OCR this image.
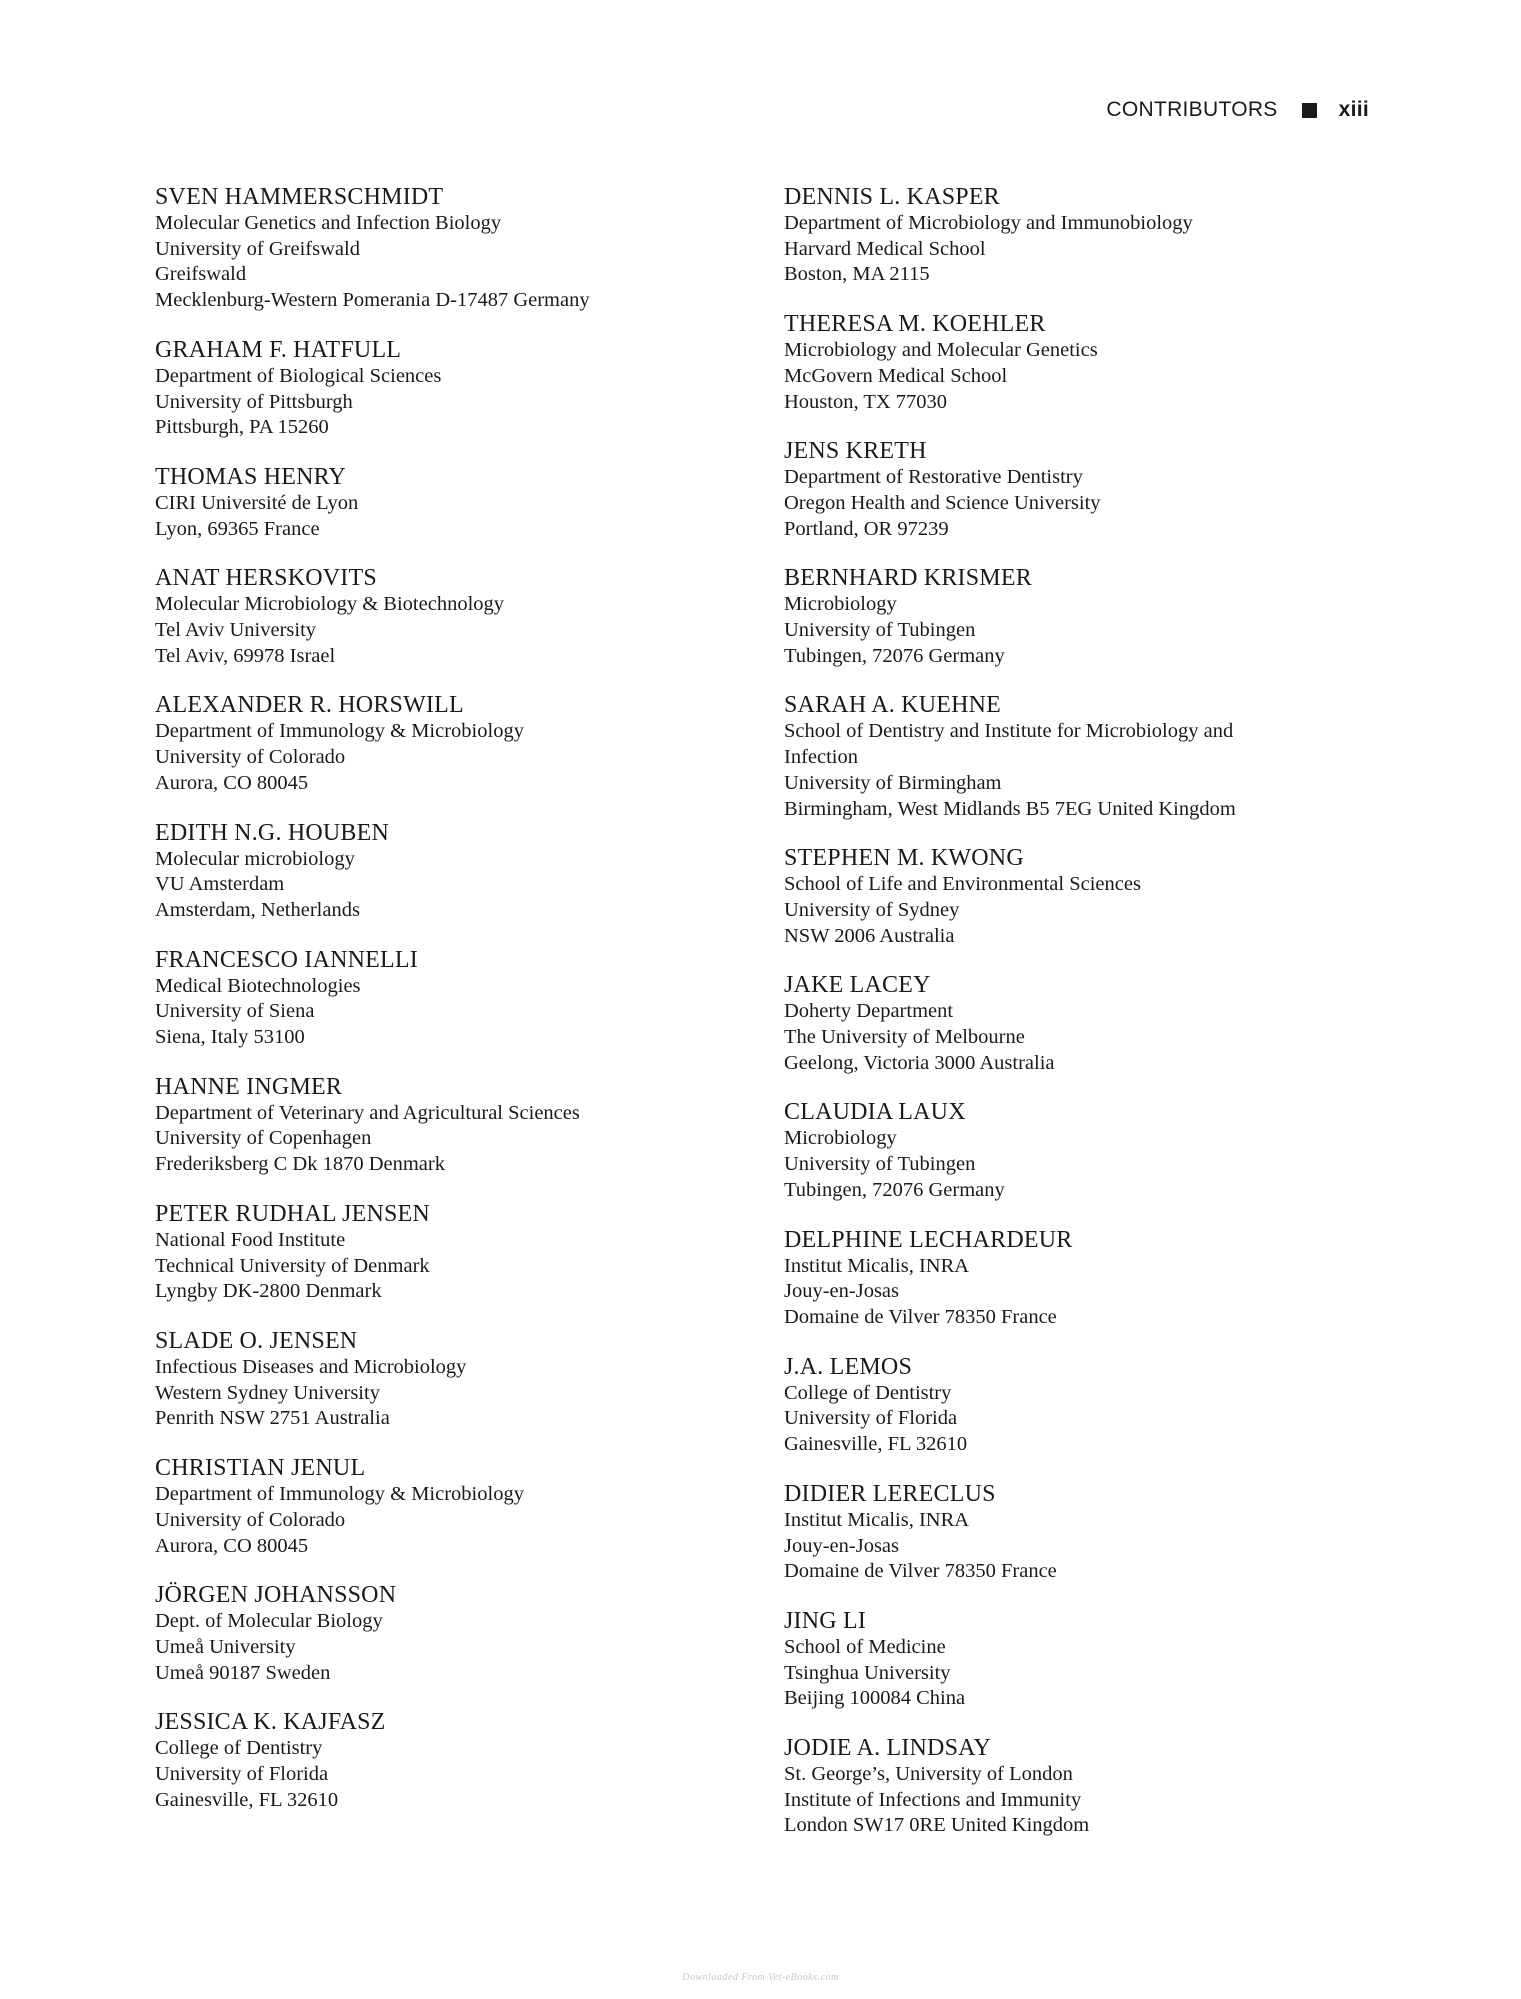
CONTRIBUTORS	xiii
SVEN HAMMERSCHMIDT
Molecular Genetics and Infection Biology
University of Greifswald
Greifswald
Mecklenburg-Western Pomerania D-17487 Germany
GRAHAM F. HATFULL
Department of Biological Sciences
University of Pittsburgh
Pittsburgh, PA 15260
THOMAS HENRY
CIRI Université de Lyon
Lyon, 69365 France
ANAT HERSKOVITS
Molecular Microbiology & Biotechnology
Tel Aviv University
Tel Aviv, 69978 Israel
ALEXANDER R. HORSWILL
Department of Immunology & Microbiology
University of Colorado
Aurora, CO 80045
EDITH N.G. HOUBEN
Molecular microbiology
VU Amsterdam
Amsterdam, Netherlands
FRANCESCO IANNELLI
Medical Biotechnologies
University of Siena
Siena, Italy 53100
HANNE INGMER
Department of Veterinary and Agricultural Sciences
University of Copenhagen
Frederiksberg C Dk 1870 Denmark
PETER RUDHAL JENSEN
National Food Institute
Technical University of Denmark
Lyngby DK-2800 Denmark
SLADE O. JENSEN
Infectious Diseases and Microbiology
Western Sydney University
Penrith NSW 2751 Australia
CHRISTIAN JENUL
Department of Immunology & Microbiology
University of Colorado
Aurora, CO 80045
JÖRGEN JOHANSSON
Dept. of Molecular Biology
Umeå University
Umeå 90187 Sweden
JESSICA K. KAJFASZ
College of Dentistry
University of Florida
Gainesville, FL 32610
DENNIS L. KASPER
Department of Microbiology and Immunobiology
Harvard Medical School
Boston, MA 2115
THERESA M. KOEHLER
Microbiology and Molecular Genetics
McGovern Medical School
Houston, TX 77030
JENS KRETH
Department of Restorative Dentistry
Oregon Health and Science University
Portland, OR 97239
BERNHARD KRISMER
Microbiology
University of Tubingen
Tubingen, 72076 Germany
SARAH A. KUEHNE
School of Dentistry and Institute for Microbiology and
Infection
University of Birmingham
Birmingham, West Midlands B5 7EG United Kingdom
STEPHEN M. KWONG
School of Life and Environmental Sciences
University of Sydney
NSW 2006 Australia
JAKE LACEY
Doherty Department
The University of Melbourne
Geelong, Victoria 3000 Australia
CLAUDIA LAUX
Microbiology
University of Tubingen
Tubingen, 72076 Germany
DELPHINE LECHARDEUR
Institut Micalis, INRA
Jouy-en-Josas
Domaine de Vilver 78350 France
J.A. LEMOS
College of Dentistry
University of Florida
Gainesville, FL 32610
DIDIER LERECLUS
Institut Micalis, INRA
Jouy-en-Josas
Domaine de Vilver 78350 France
JING LI
School of Medicine
Tsinghua University
Beijing 100084 China
JODIE A. LINDSAY
St. George’s, University of London
Institute of Infections and Immunity
London SW17 0RE United Kingdom
Downloaded From Vet-eBooks.com
